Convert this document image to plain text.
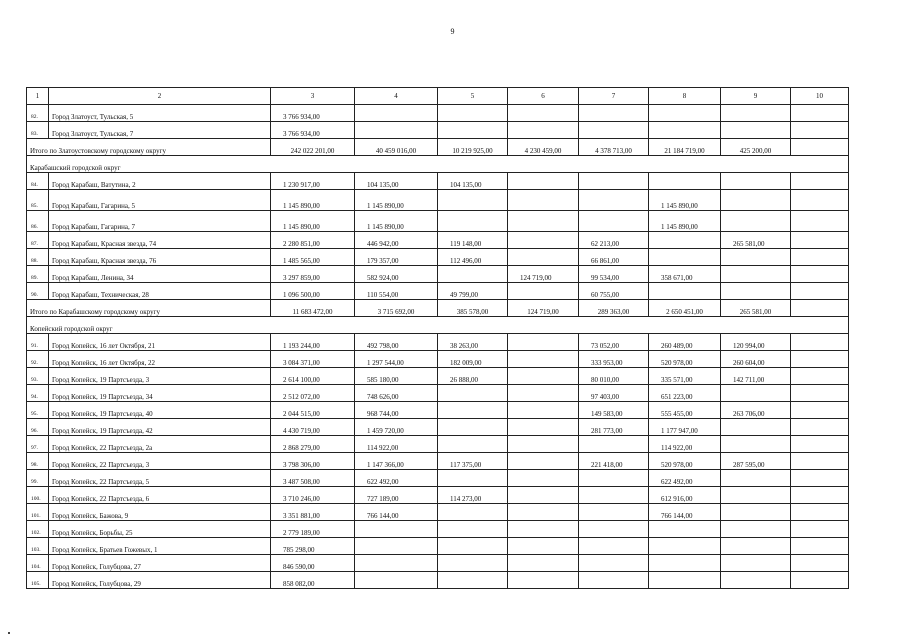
9
1	2	3	4	5	6	7	8	9	10
82.	Город Златоуст, Тульская, 5	3 766 934,00							
83.	Город Златоуст, Тульская, 7	3 766 934,00							
Итого по Златоустовскому городскому округу		242 022 201,00	40 459 016,00	10 219 925,00	4 230 459,00	4 378 713,00	21 184 719,00	425 200,00	
Карабашский городской округ									
84.	Город Карабаш, Ватутина, 2	1 230 917,00	104 135,00	104 135,00					
85.	Город Карабаш, Гагарина, 5	1 145 890,00	1 145 890,00				1 145 890,00		
86.	Город Карабаш, Гагарина, 7	1 145 890,00	1 145 890,00				1 145 890,00		
87.	Город Карабаш, Красная звезда, 74	2 280 851,00	446 942,00	119 148,00		62 213,00		265 581,00	
88.	Город Карабаш, Красная звезда, 76	1 485 565,00	179 357,00	112 496,00		66 861,00			
89.	Город Карабаш, Ленина, 34	3 297 859,00	582 924,00		124 719,00	99 534,00	358 671,00		
90.	Город Карабаш, Техническая, 28	1 096 500,00	110 554,00	49 799,00		60 755,00			
Итого по Карабашскому городскому округу		11 683 472,00	3 715 692,00	385 578,00	124 719,00	289 363,00	2 650 451,00	265 581,00	
Копейский городской округ									
91.	Город Копейск, 16 лет Октября, 21	1 193 244,00	492 798,00	38 263,00		73 052,00	260 489,00	120 994,00	
92.	Город Копейск, 16 лет Октября, 22	3 084 371,00	1 297 544,00	182 009,00		333 953,00	520 978,00	260 604,00	
93.	Город Копейск, 19 Партсъезда, 3	2 614 100,00	585 180,00	26 888,00		80 010,00	335 571,00	142 711,00	
94.	Город Копейск, 19 Партсъезда, 34	2 512 072,00	748 626,00			97 403,00	651 223,00		
95.	Город Копейск, 19 Партсъезда, 40	2 044 515,00	968 744,00			149 583,00	555 455,00	263 706,00	
96.	Город Копейск, 19 Партсъезда, 42	4 430 719,00	1 459 720,00			281 773,00	1 177 947,00		
97.	Город Копейск, 22 Партсъезда, 2а	2 868 279,00	114 922,00				114 922,00		
98.	Город Копейск, 22 Партсъезда, 3	3 798 306,00	1 147 366,00	117 375,00		221 418,00	520 978,00	287 595,00	
99.	Город Копейск, 22 Партсъезда, 5	3 487 508,00	622 492,00				622 492,00		
100.	Город Копейск, 22 Партсъезда, 6	3 710 246,00	727 189,00	114 273,00			612 916,00		
101.	Город Копейск, Бажова, 9	3 351 881,00	766 144,00				766 144,00		
102.	Город Копейск, Борьбы, 25	2 779 189,00							
103.	Город Копейск, Братьев Гожевых, 1	785 298,00							
104.	Город Копейск, Голубцова, 27	846 590,00							
105.	Город Копейск, Голубцова, 29	858 082,00							
